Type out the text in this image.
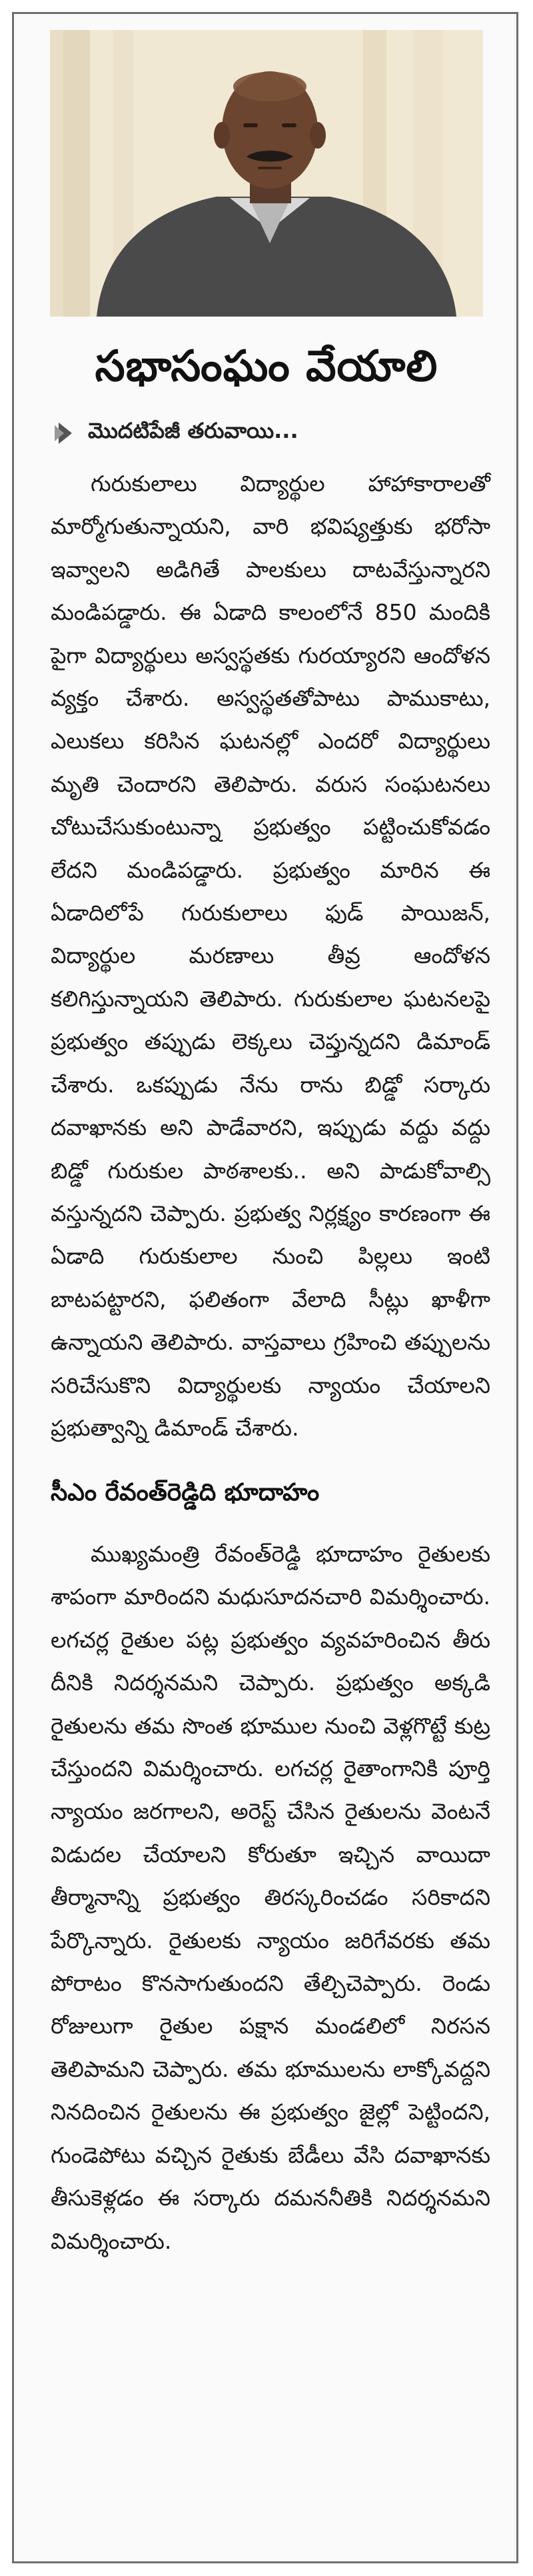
సభాసంఘం వేయాలి
మొదటిపేజీ తరువాయి...
గురుకులాలు విద్యార్థుల హాహాకారాలతో మార్మోగుతున్నాయని, వారి భవిష్యత్తుకు భరోసా ఇవ్వాలని అడిగితే పాలకులు దాటవేస్తున్నారని మండిపడ్డారు. ఈ ఏడాది కాలంలోనే 850 మందికి పైగా విద్యార్థులు అస్వస్థతకు గురయ్యారని ఆందోళన వ్యక్తం చేశారు. అస్వస్థతతోపాటు పాముకాటు, ఎలుకలు కరిసిన ఘటనల్లో ఎందరో విద్యార్థులు మృతి చెందారని తెలిపారు. వరుస సంఘటనలు చోటుచేసుకుంటున్నా ప్రభుత్వం పట్టించుకోవడం లేదని మండిపడ్డారు. ప్రభుత్వం మారిన ఈ ఏడాదిలోపే గురుకులాలు ఫుడ్ పాయిజన్, విద్యార్థుల మరణాలు తీవ్ర ఆందోళన కలిగిస్తున్నాయని తెలిపారు. గురుకులాల ఘటనలపై ప్రభుత్వం తప్పుడు లెక్కలు చెప్తున్నదని డిమాండ్ చేశారు. ఒకప్పుడు నేను రాను బిడ్డో సర్కారు దవాఖానకు అని పాడేవారని, ఇప్పుడు వద్దు వద్దు బిడ్డో గురుకుల పాఠశాలకు.. అని పాడుకోవాల్సి వస్తున్నదని చెప్పారు. ప్రభుత్వ నిర్లక్ష్యం కారణంగా ఈ ఏడాది గురుకులాల నుంచి పిల్లలు ఇంటి బాటపట్టారని, ఫలితంగా వేలాది సీట్లు ఖాళీగా ఉన్నాయని తెలిపారు. వాస్తవాలు గ్రహించి తప్పులను సరిచేసుకొని విద్యార్థులకు న్యాయం చేయాలని ప్రభుత్వాన్ని డిమాండ్ చేశారు.
సీఎం రేవంత్‌రెడ్డిది భూదాహం
ముఖ్యమంత్రి రేవంత్‌రెడ్డి భూదాహం రైతులకు శాపంగా మారిందని మధుసూదనచారి విమర్శించారు. లగచర్ల రైతుల పట్ల ప్రభుత్వం వ్యవహరించిన తీరు దీనికి నిదర్శనమని చెప్పారు. ప్రభుత్వం అక్కడి రైతులను తమ సొంత భూముల నుంచి వెళ్లగొట్టే కుట్ర చేస్తుందని విమర్శించారు. లగచర్ల రైతాంగానికి పూర్తి న్యాయం జరగాలని, అరెస్ట్ చేసిన రైతులను వెంటనే విడుదల చేయాలని కోరుతూ ఇచ్చిన వాయిదా తీర్మానాన్ని ప్రభుత్వం తిరస్కరించడం సరికాదని పేర్కొన్నారు. రైతులకు న్యాయం జరిగేవరకు తమ పోరాటం కొనసాగుతుందని తేల్చిచెప్పారు. రెండు రోజులుగా రైతుల పక్షాన మండలిలో నిరసన తెలిపామని చెప్పారు. తమ భూములను లాక్కోవద్దని నినదించిన రైతులను ఈ ప్రభుత్వం జైల్లో పెట్టిందని, గుండెపోటు వచ్చిన రైతుకు బేడీలు వేసి దవాఖానకు తీసుకెళ్లడం ఈ సర్కారు దమననీతికి నిదర్శనమని విమర్శించారు.
